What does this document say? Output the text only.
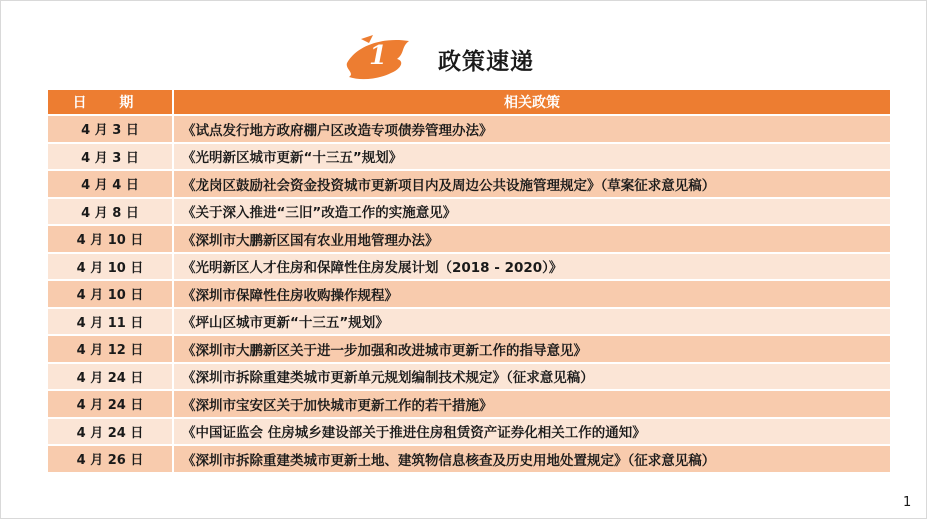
1	政策速递
日 期	相关政策
4 月 3 日	《试点发行地方政府棚户区改造专项债券管理办法》
4 月 3 日	《光明新区城市更新“十三五”规划》
4 月 4 日	《龙岗区鼓励社会资金投资城市更新项目内及周边公共设施管理规定》（草案征求意见稿）
4 月 8 日	《关于深入推进“三旧”改造工作的实施意见》
4 月 10 日	《深圳市大鹏新区国有农业用地管理办法》
4 月 10 日	《光明新区人才住房和保障性住房发展计划（2018 - 2020）》
4 月 10 日	《深圳市保障性住房收购操作规程》
4 月 11 日	《坪山区城市更新“十三五”规划》
4 月 12 日	《深圳市大鹏新区关于进一步加强和改进城市更新工作的指导意见》
4 月 24 日	《深圳市拆除重建类城市更新单元规划编制技术规定》（征求意见稿）
4 月 24 日	《深圳市宝安区关于加快城市更新工作的若干措施》
4 月 24 日	《中国证监会 住房城乡建设部关于推进住房租赁资产证券化相关工作的通知》
4 月 26 日	《深圳市拆除重建类城市更新土地、建筑物信息核查及历史用地处置规定》（征求意见稿）
1
